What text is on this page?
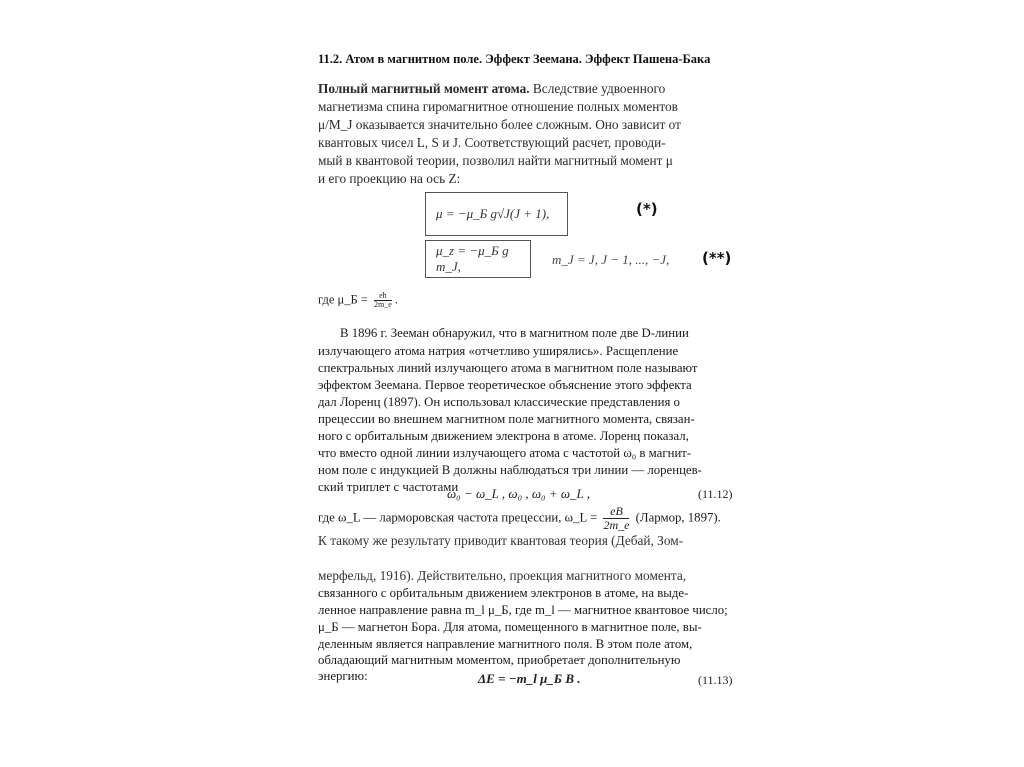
11.2. Атом в магнитном поле. Эффект Зеемана. Эффект Пашена-Бака
Полный магнитный момент атома. Вследствие удвоенного
магнетизма спина гиромагнитное отношение полных моментов
μ/M_J оказывается значительно более сложным. Оно зависит от
квантовых чисел L, S и J. Соответствующий расчет, проводи-
мый в квантовой теории, позволил найти магнитный момент μ
и его проекцию на ось Z:
μ = −μ_Б g√J(J + 1),	(*)
μ_z = −μ_Б g m_J,	m_J = J, J − 1, ..., −J, (**)
где μ_Б = $\frac{eħ}{2m\_e}$ .
В 1896 г. Зееман обнаружил, что в магнитном поле две D-линии
излучающего атома натрия «отчетливо уширялись». Расщепление
спектральных линий излучающего атома в магнитном поле называют
эффектом Зеемана. Первое теоретическое объяснение этого эффекта
дал Лоренц (1897). Он использовал классические представления о
прецессии во внешнем магнитном поле магнитного момента, связан-
ного с орбитальным движением электрона в атоме. Лоренц показал,
что вместо одной линии излучающего атома с частотой ω₀ в магнит-
ном поле с индукцией B должны наблюдаться три линии — лоренцев-
ский триплет с частотами
ω₀ − ω_L , ω₀ , ω₀ + ω_L ,	(11.12)
где ω_L — ларморовская частота прецессии, ω_L = $\frac{eB}{2m\_e}$ (Лармор, 1897).
К такому же результату приводит квантовая теория (Дебай, Зом-
мерфельд, 1916). Действительно, проекция магнитного момента,
связанного с орбитальным движением электронов в атоме, на выде-
ленное направление равна m_l μ_Б, где m_l — магнитное квантовое число;
μ_Б — магнетон Бора. Для атома, помещенного в магнитное поле, вы-
деленным является направление магнитного поля. В этом поле атом,
обладающий магнитным моментом, приобретает дополнительную
энергию:	ΔE = −m_l μ_Б B .	(11.13)
